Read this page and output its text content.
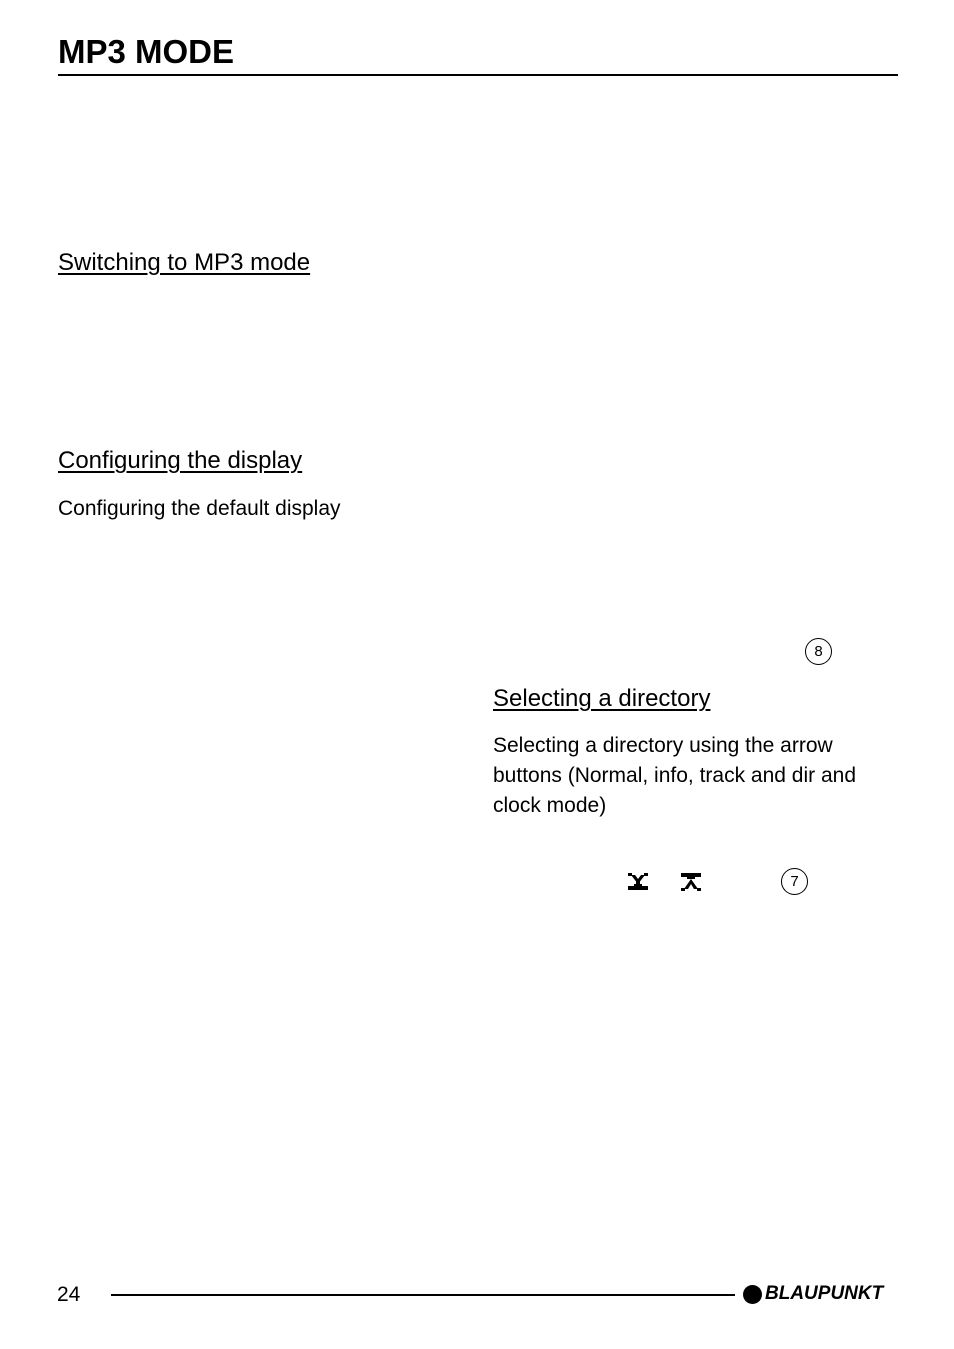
MP3 MODE
Switching to MP3 mode
Configuring the display
Configuring the default display
8
Selecting a directory
Selecting a directory using the arrow buttons (Normal, info, track and dir and clock mode)
7
24	BLAUPUNKT
